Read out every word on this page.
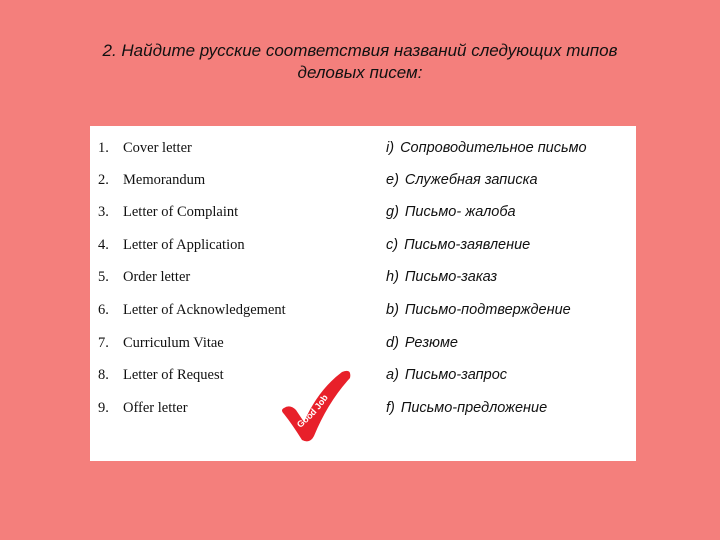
2. Найдите русские соответствия названий следующих типов
деловых писем:
1. Cover letter	i) Сопроводительное письмо
2. Memorandum	e) Служебная записка
3. Letter of Complaint	g) Письмо- жалоба
4. Letter of Application	c) Письмо-заявление
5. Order letter	h) Письмо-заказ
6. Letter of Acknowledgement	b) Письмо-подтверждение
7. Curriculum Vitae	d) Резюме
8. Letter of Request	a) Письмо-запрос
9. Offer letter	f) Письмо-предложение
Good Job
